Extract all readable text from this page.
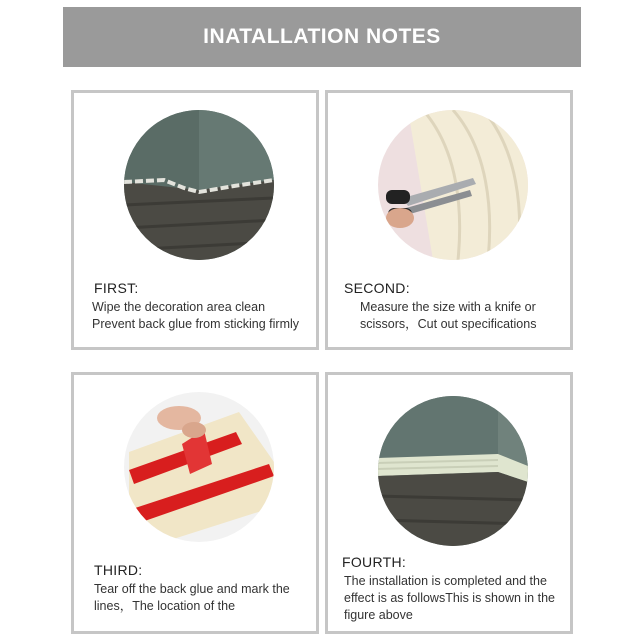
INATALLATION NOTES
FIRST:
Wipe the decoration area clean
Prevent back glue from sticking firmly
SECOND:
Measure the size with a knife or
scissors，Cut out specifications
THIRD:
Tear off the back glue and mark the
lines，The location of the
FOURTH:
The installation is completed and the
effect is as followsThis is shown in the
figure above
